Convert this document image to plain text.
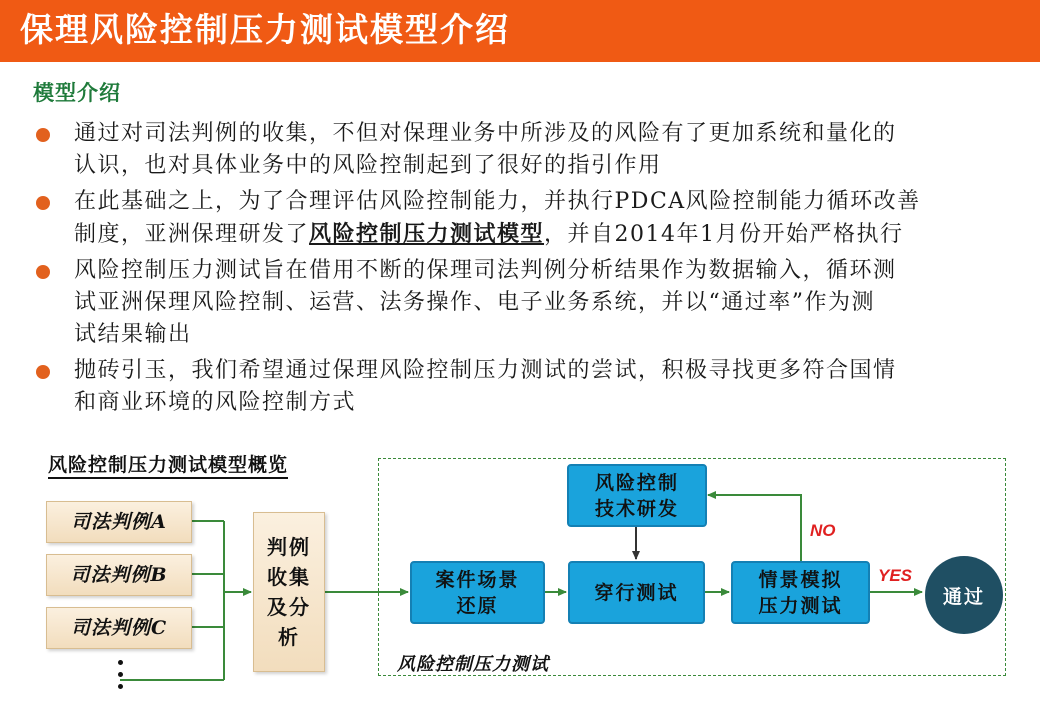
保理风险控制压力测试模型介绍
模型介绍
通过对司法判例的收集，不但对保理业务中所涉及的风险有了更加系统和量化的
认识，也对具体业务中的风险控制起到了很好的指引作用
在此基础之上，为了合理评估风险控制能力，并执行PDCA风险控制能力循环改善
制度，亚洲保理研发了风险控制压力测试模型，并自2014年1月份开始严格执行
风险控制压力测试旨在借用不断的保理司法判例分析结果作为数据输入，循环测
试亚洲保理风险控制、运营、法务操作、电子业务系统，并以“通过率”作为测
试结果输出
抛砖引玉，我们希望通过保理风险控制压力测试的尝试，积极寻找更多符合国情
和商业环境的风险控制方式
风险控制压力测试模型概览
司法判例A
司法判例B
司法判例C
判例
收集
及分
析
风险控制压力测试
风险控制
技术研发
案件场景
还原
穿行测试
情景模拟
压力测试
NO
YES
通过
